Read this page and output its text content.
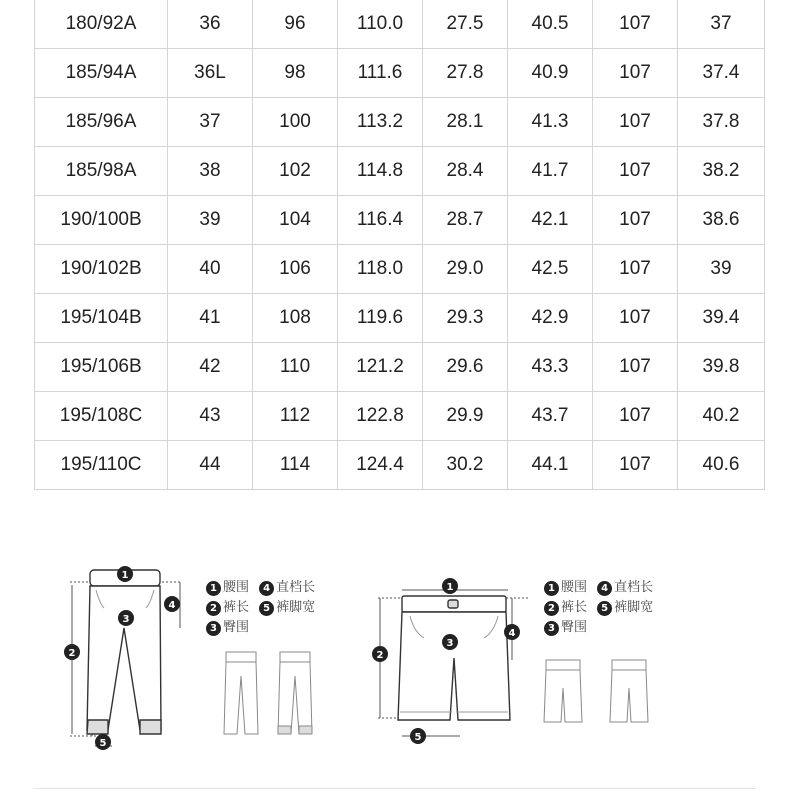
180/92A	36	96	110.0	27.5	40.5	107	37
185/94A	36L	98	111.6	27.8	40.9	107	37.4
185/96A	37	100	113.2	28.1	41.3	107	37.8
185/98A	38	102	114.8	28.4	41.7	107	38.2
190/100B	39	104	116.4	28.7	42.1	107	38.6
190/102B	40	106	118.0	29.0	42.5	107	39
195/104B	41	108	119.6	29.3	42.9	107	39.4
195/106B	42	110	121.2	29.6	43.3	107	39.8
195/108C	43	112	122.8	29.9	43.7	107	40.2
195/110C	44	114	124.4	30.2	44.1	107	40.6
1
2
3
4
5
1 腰围 4 直档长
2 裤长 5 裤脚宽
3 臀围
1
2
3
4
5
1 腰围 4 直档长
2 裤长 5 裤脚宽
3 臀围
